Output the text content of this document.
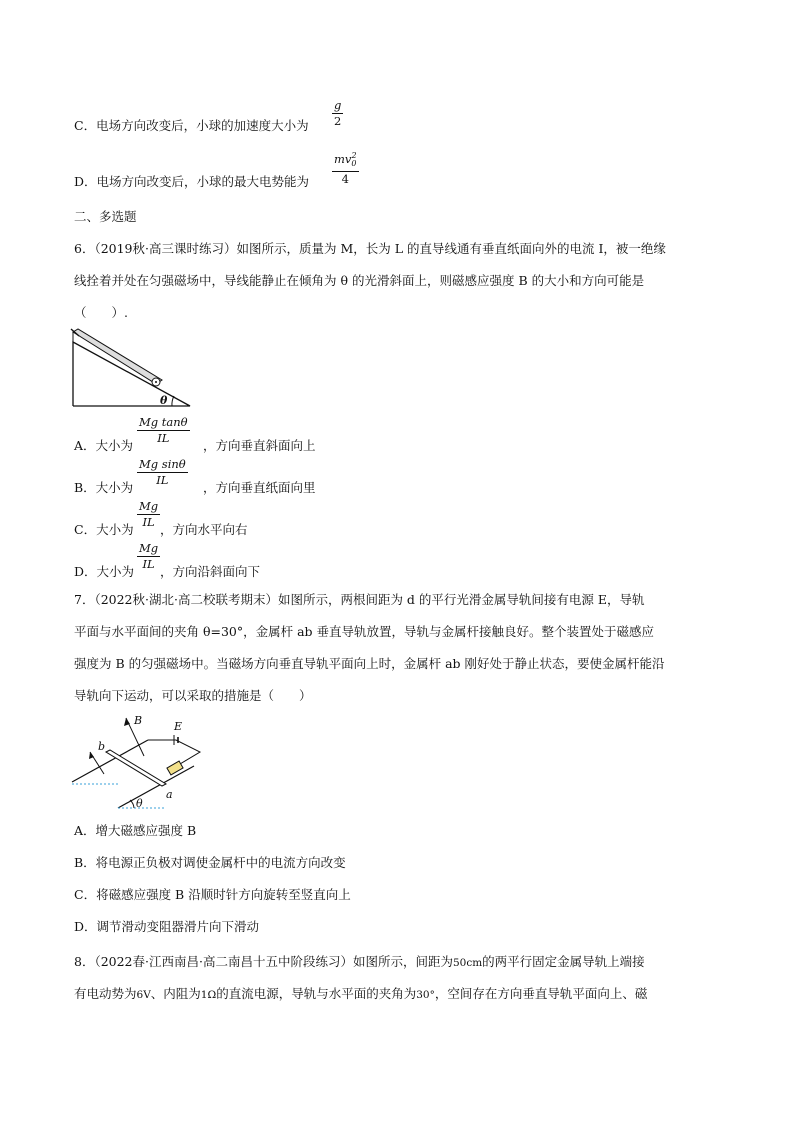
C．电场方向改变后，小球的加速度大小为
g
2
D．电场方向改变后，小球的最大电势能为
$mv_0^2$
4
二、多选题
6．（2019秋·高三课时练习）如图所示，质量为 M，长为 L 的直导线通有垂直纸面向外的电流 I，被一绝缘
线拴着并处在匀强磁场中，导线能静止在倾角为 θ 的光滑斜面上，则磁感应强度 B 的大小和方向可能是
（　　）.
θ
A．大小为
Mg tanθ
IL	，方向垂直斜面向上
B．大小为
Mg sinθ
IL	，方向垂直纸面向里
C．大小为
Mg
IL ，方向水平向右
D．大小为
Mg
IL ，方向沿斜面向下
7．（2022秋·湖北·高二校联考期末）如图所示，两根间距为 d 的平行光滑金属导轨间接有电源 E，导轨
平面与水平面间的夹角 θ=30°，金属杆 ab 垂直导轨放置，导轨与金属杆接触良好。整个装置处于磁感应
强度为 B 的匀强磁场中。当磁场方向垂直导轨平面向上时，金属杆 ab 刚好处于静止状态，要使金属杆能沿
导轨向下运动，可以采取的措施是（　　）
B	E
b
a
θ
A．增大磁感应强度 B
B．将电源正负极对调使金属杆中的电流方向改变
C．将磁感应强度 B 沿顺时针方向旋转至竖直向上
D．调节滑动变阻器滑片向下滑动
8．（2022春·江西南昌·高二南昌十五中阶段练习）如图所示，间距为50cm的两平行固定金属导轨上端接
有电动势为6V、内阻为1Ω的直流电源，导轨与水平面的夹角为30°，空间存在方向垂直导轨平面向上、磁
